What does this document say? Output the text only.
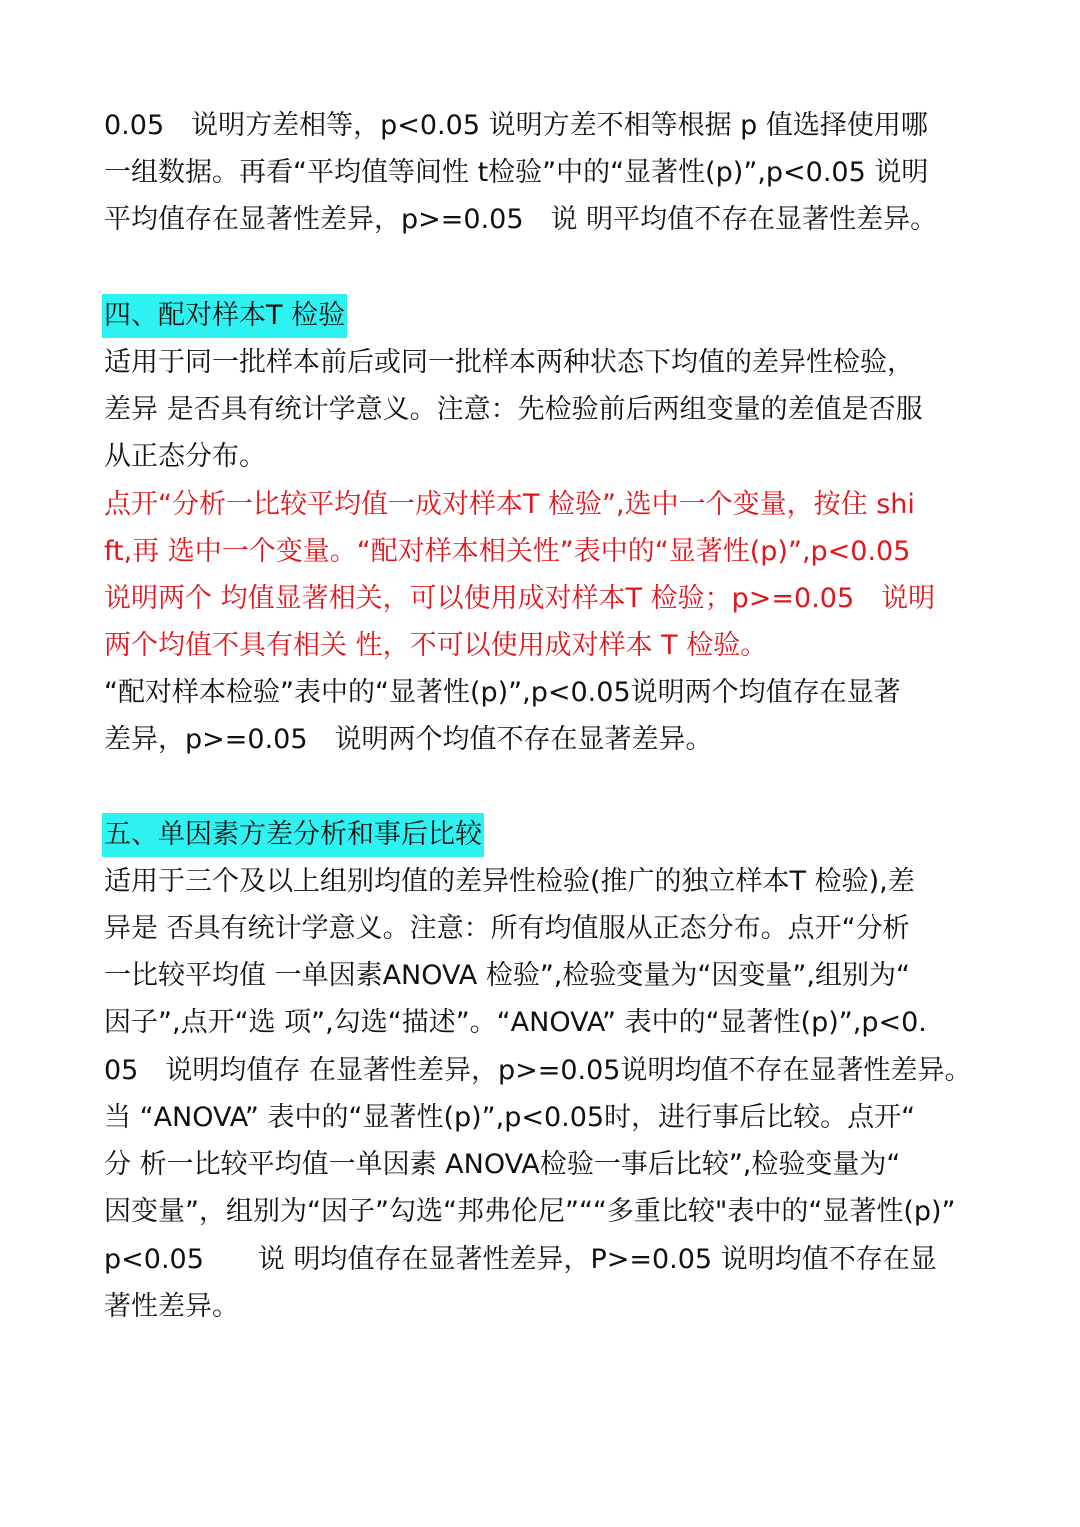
0.05　说明方差相等，p<0.05 说明方差不相等根据 p 值选择使用哪
一组数据。再看“平均值等间性 t检验”中的“显著性(p)”,p<0.05 说明
平均值存在显著性差异，p>=0.05　说 明平均值不存在显著性差异。
四、配对样本T 检验
适用于同一批样本前后或同一批样本两种状态下均值的差异性检验，
差异 是否具有统计学意义。注意：先检验前后两组变量的差值是否服
从正态分布。
点开“分析一比较平均值一成对样本T 检验”,选中一个变量，按住 shi
ft,再 选中一个变量。“配对样本相关性”表中的“显著性(p)”,p<0.05
说明两个 均值显著相关，可以使用成对样本T 检验；p>=0.05　说明
两个均值不具有相关 性，不可以使用成对样本 T 检验。
“配对样本检验”表中的“显著性(p)”,p<0.05说明两个均值存在显著
差异，p>=0.05　说明两个均值不存在显著差异。
五、单因素方差分析和事后比较
适用于三个及以上组别均值的差异性检验(推广的独立样本T 检验),差
异是 否具有统计学意义。注意：所有均值服从正态分布。点开“分析
一比较平均值 一单因素ANOVA 检验”,检验变量为“因变量”,组别为“
因子”,点开“选 项”,勾选“描述”。“ANOVA” 表中的“显著性(p)”,p<0.
05　说明均值存 在显著性差异，p>=0.05说明均值不存在显著性差异。
当 “ANOVA” 表中的“显著性(p)”,p<0.05时，进行事后比较。点开“
分 析一比较平均值一单因素 ANOVA检验一事后比较”,检验变量为“
因变量”，组别为“因子”勾选“邦弗伦尼”““多重比较"表中的“显著性(p)”
p<0.05　　说 明均值存在显著性差异，P>=0.05 说明均值不存在显
著性差异。
